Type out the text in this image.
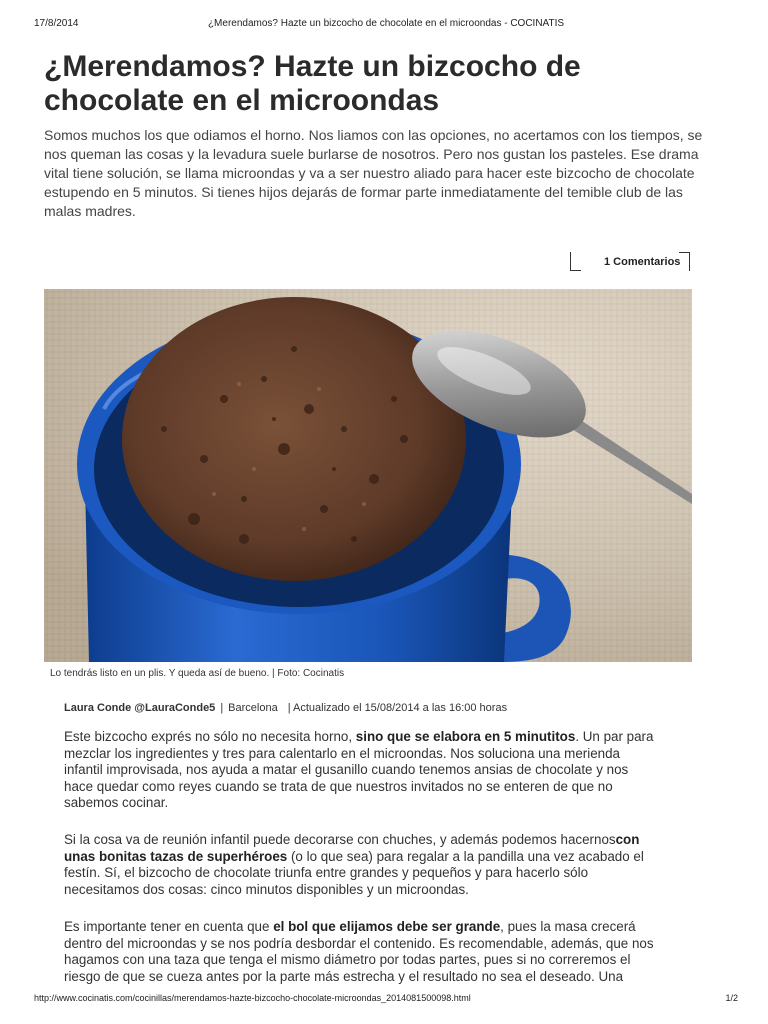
17/8/2014	¿Merendamos? Hazte un bizcocho de chocolate en el microondas - COCINATIS
¿Merendamos? Hazte un bizcocho de chocolate en el microondas

Somos muchos los que odiamos el horno. Nos liamos con las opciones, no acertamos con los tiempos, se nos queman las cosas y la levadura suele burlarse de nosotros. Pero nos gustan los pasteles. Ese drama vital tiene solución, se llama microondas y va a ser nuestro aliado para hacer este bizcocho de chocolate estupendo en 5 minutos. Si tienes hijos dejarás de formar parte inmediatamente del temible club de las malas madres.

1 Comentarios
Lo tendrás listo en un plis. Y queda así de bueno. | Foto: Cocinatis
Laura Conde @LauraConde5 | Barcelona | Actualizado el 15/08/2014 a las 16:00 horas

Este bizcocho exprés no sólo no necesita horno, sino que se elabora en 5 minutitos. Un par para mezclar los ingredientes y tres para calentarlo en el microondas. Nos soluciona una merienda infantil improvisada, nos ayuda a matar el gusanillo cuando tenemos ansias de chocolate y nos hace quedar como reyes cuando se trata de que nuestros invitados no se enteren de que no sabemos cocinar.

Si la cosa va de reunión infantil puede decorarse con chuches, y además podemos hacernoscon unas bonitas tazas de superhéroes (o lo que sea) para regalar a la pandilla una vez acabado el festín. Sí, el bizcocho de chocolate triunfa entre grandes y pequeños y para hacerlo sólo necesitamos dos cosas: cinco minutos disponibles y un microondas.

Es importante tener en cuenta que el bol que elijamos debe ser grande, pues la masa crecerá dentro del microondas y se nos podría desbordar el contenido. Es recomendable, además, que nos hagamos con una taza que tenga el mismo diámetro por todas partes, pues si no correremos el riesgo de que se cueza antes por la parte más estrecha y el resultado no sea el deseado. Una

http://www.cocinatis.com/cocinillas/merendamos-hazte-bizcocho-chocolate-microondas_2014081500098.html	1/2
